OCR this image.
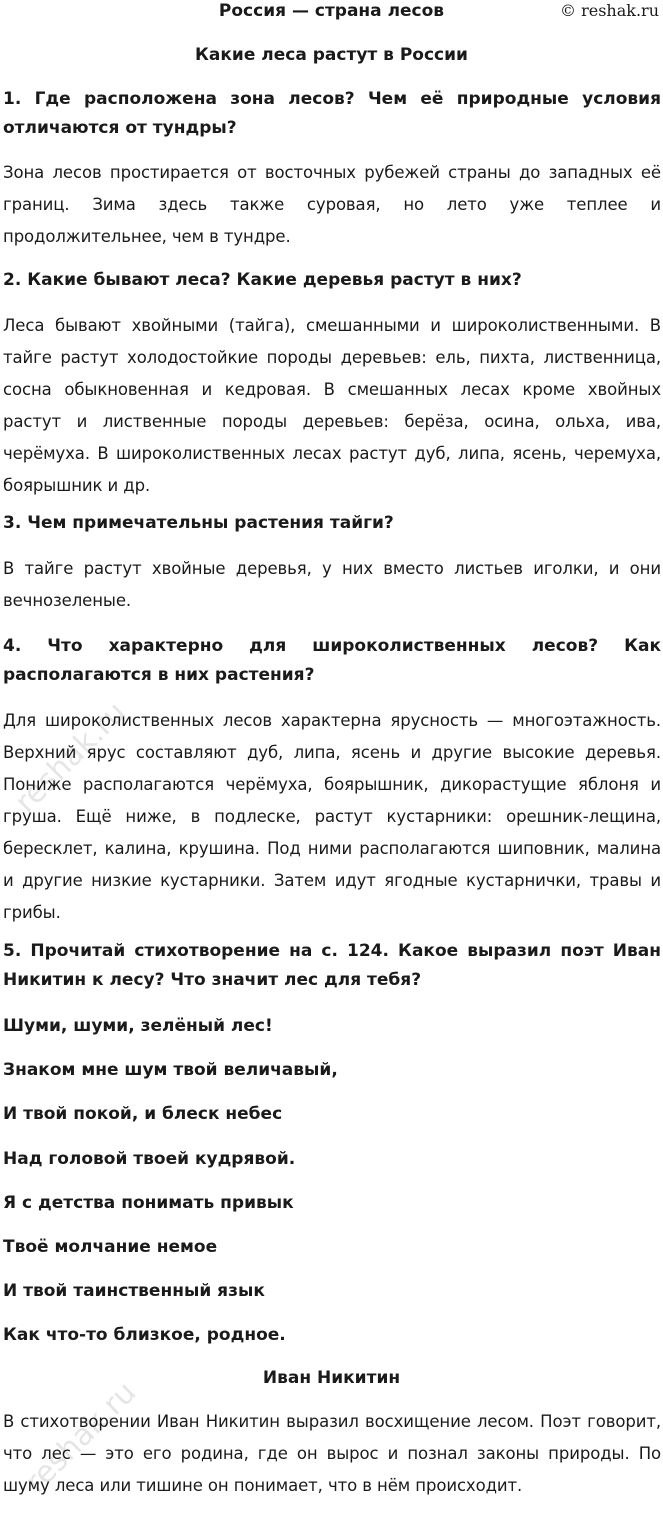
Россия — страна лесов	© reshak.ru
Какие леса растут в России

1. Где расположена зона лесов? Чем её природные условия отличаются от тундры?

Зона лесов простирается от восточных рубежей страны до западных её границ. Зима здесь также суровая, но лето уже теплее и продолжительнее, чем в тундре.

2. Какие бывают леса? Какие деревья растут в них?

Леса бывают хвойными (тайга), смешанными и широколиственными. В тайге растут холодостойкие породы деревьев: ель, пихта, лиственница, сосна обыкновенная и кедровая. В смешанных лесах кроме хвойных растут и лиственные породы деревьев: берёза, осина, ольха, ива, черёмуха. В широколиственных лесах растут дуб, липа, ясень, черемуха, боярышник и др.

3. Чем примечательны растения тайги?

В тайге растут хвойные деревья, у них вместо листьев иголки, и они вечнозеленые.

4. Что характерно для широколиственных лесов? Как располагаются в них растения?

Для широколиственных лесов характерна ярусность — многоэтажность. Верхний ярус составляют дуб, липа, ясень и другие высокие деревья. Пониже располагаются черёмуха, боярышник, дикорастущие яблоня и груша. Ещё ниже, в подлеске, растут кустарники: орешник-лещина, бересклет, калина, крушина. Под ними располагаются шиповник, малина и другие низкие кустарники. Затем идут ягодные кустарнички, травы и грибы.

5. Прочитай стихотворение на с. 124. Какое выразил поэт Иван Никитин к лесу? Что значит лес для тебя?

Шуми, шуми, зелёный лес!
Знаком мне шум твой величавый,
И твой покой, и блеск небес
Над головой твоей кудрявой.
Я с детства понимать привык
Твоё молчание немое
И твой таинственный язык
Как что-то близкое, родное.
Иван Никитин

В стихотворении Иван Никитин выразил восхищение лесом. Поэт говорит, что лес — это его родина, где он вырос и познал законы природы. По шуму леса или тишине он понимает, что в нём происходит.

reshak.ru
reshak.ru
